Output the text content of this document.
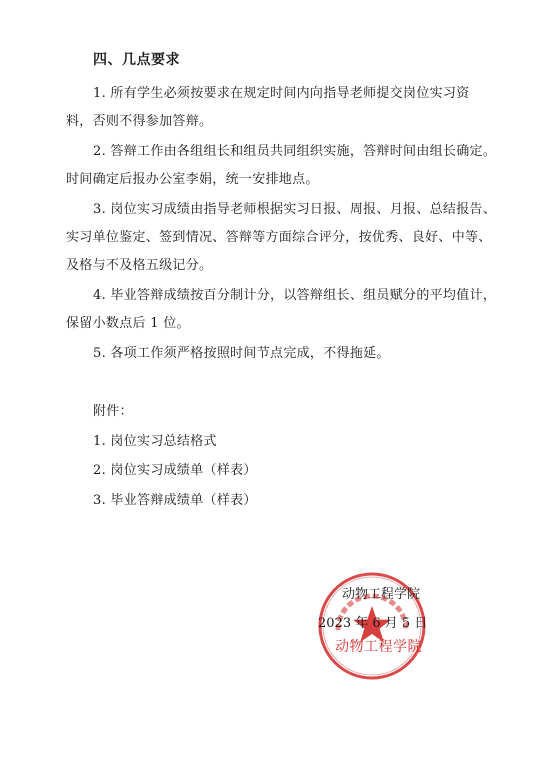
四、几点要求
1. 所有学生必须按要求在规定时间内向指导老师提交岗位实习资
料，否则不得参加答辩。
2. 答辩工作由各组组长和组员共同组织实施，答辩时间由组长确定。
时间确定后报办公室李娟，统一安排地点。
3. 岗位实习成绩由指导老师根据实习日报、周报、月报、总结报告、
实习单位鉴定、签到情况、答辩等方面综合评分，按优秀、良好、中等、
及格与不及格五级记分。
4. 毕业答辩成绩按百分制计分，以答辩组长、组员赋分的平均值计，
保留小数点后 1 位。
5. 各项工作须严格按照时间节点完成，不得拖延。
附件：
1. 岗位实习总结格式
2. 岗位实习成绩单（样表）
3. 毕业答辩成绩单（样表）
动物工程学院
2023 年 6 月 5 日
动物工程学院
